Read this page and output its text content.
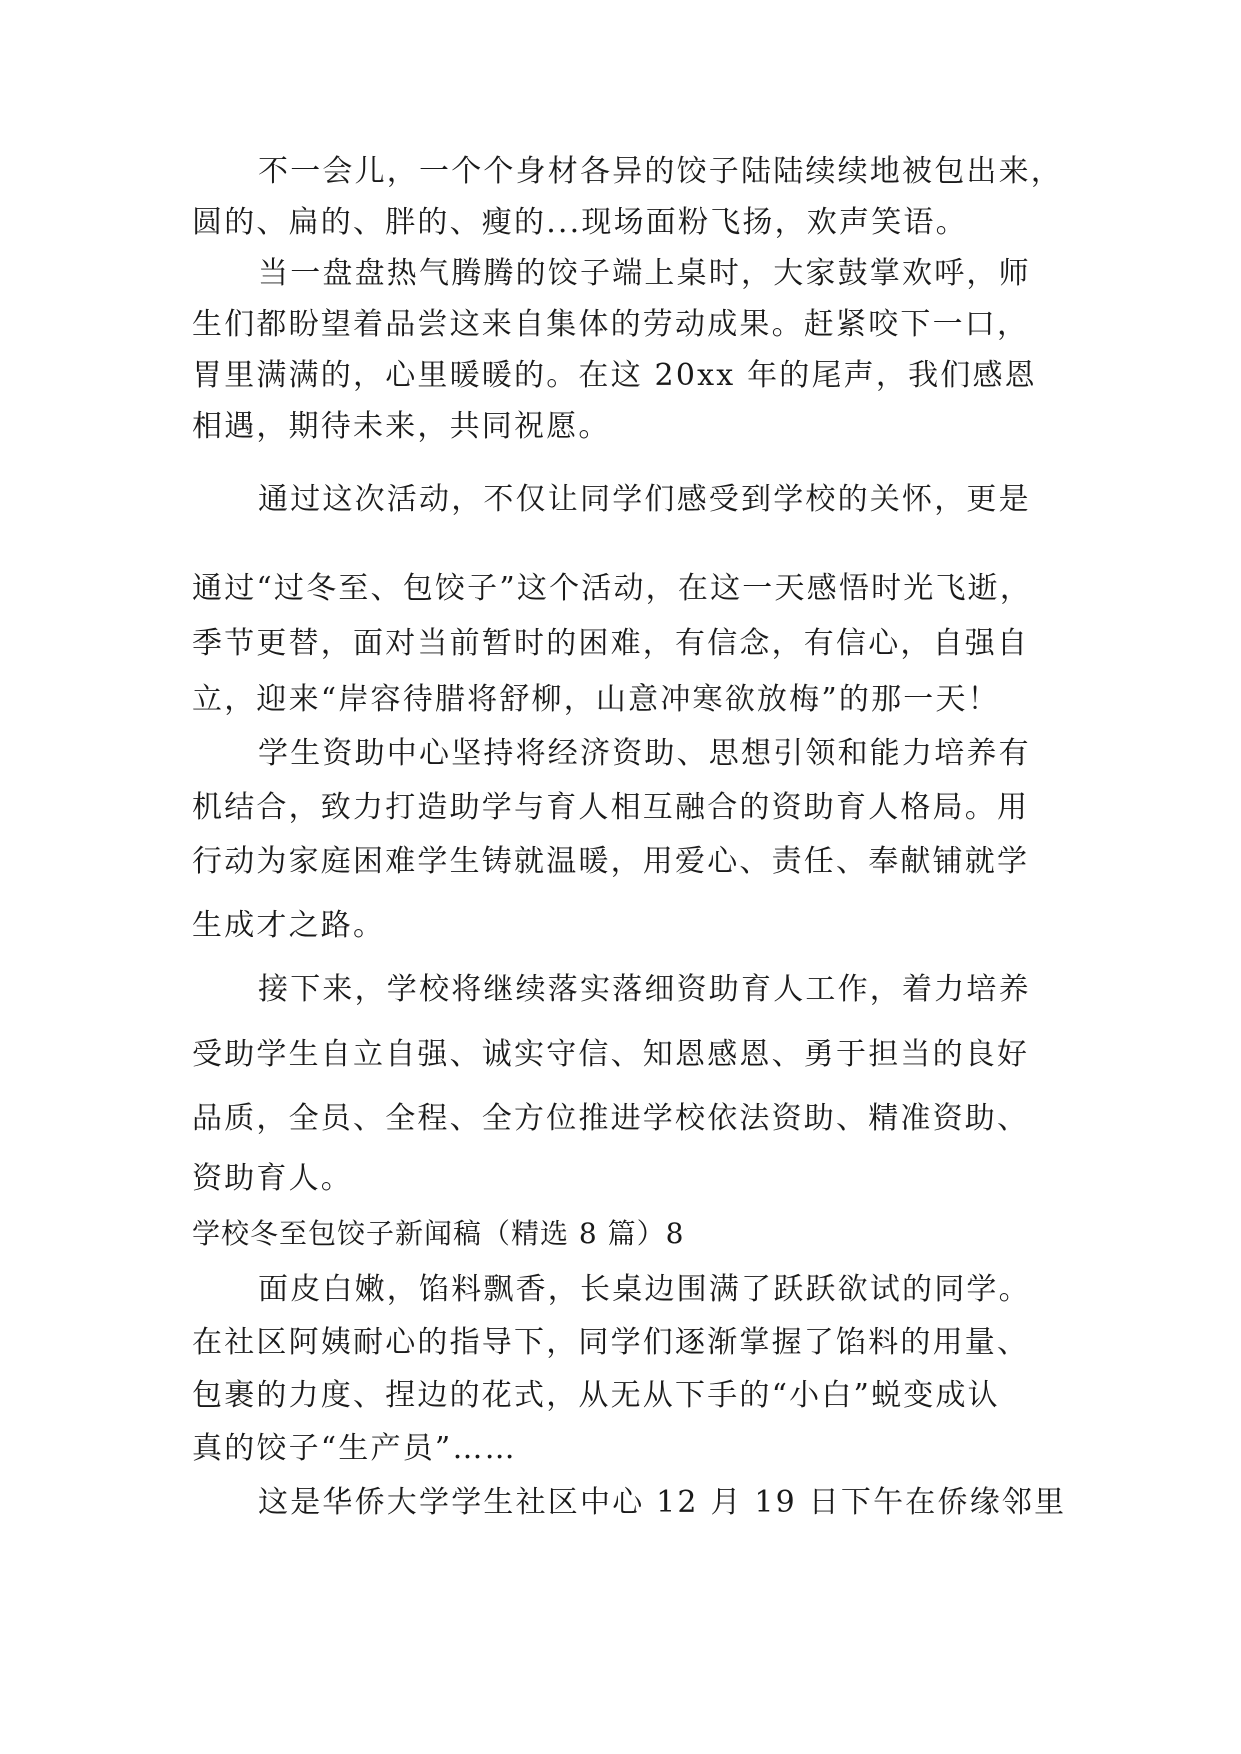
不一会儿，一个个身材各异的饺子陆陆续续地被包出来，
圆的、扁的、胖的、瘦的...现场面粉飞扬，欢声笑语。
当一盘盘热气腾腾的饺子端上桌时，大家鼓掌欢呼，师
生们都盼望着品尝这来自集体的劳动成果。赶紧咬下一口，
胃里满满的，心里暖暖的。在这 20xx 年的尾声，我们感恩
相遇，期待未来，共同祝愿。
通过这次活动，不仅让同学们感受到学校的关怀，更是
通过“过冬至、包饺子”这个活动，在这一天感悟时光飞逝，
季节更替，面对当前暂时的困难，有信念，有信心，自强自
立，迎来“岸容待腊将舒柳，山意冲寒欲放梅”的那一天！
学生资助中心坚持将经济资助、思想引领和能力培养有
机结合，致力打造助学与育人相互融合的资助育人格局。用
行动为家庭困难学生铸就温暖，用爱心、责任、奉献铺就学
生成才之路。
接下来，学校将继续落实落细资助育人工作，着力培养
受助学生自立自强、诚实守信、知恩感恩、勇于担当的良好
品质，全员、全程、全方位推进学校依法资助、精准资助、
资助育人。
学校冬至包饺子新闻稿（精选 8 篇）8
面皮白嫩，馅料飘香，长桌边围满了跃跃欲试的同学。
在社区阿姨耐心的指导下，同学们逐渐掌握了馅料的用量、
包裹的力度、捏边的花式，从无从下手的“小白”蜕变成认
真的饺子“生产员”……
这是华侨大学学生社区中心 12 月 19 日下午在侨缘邻里
